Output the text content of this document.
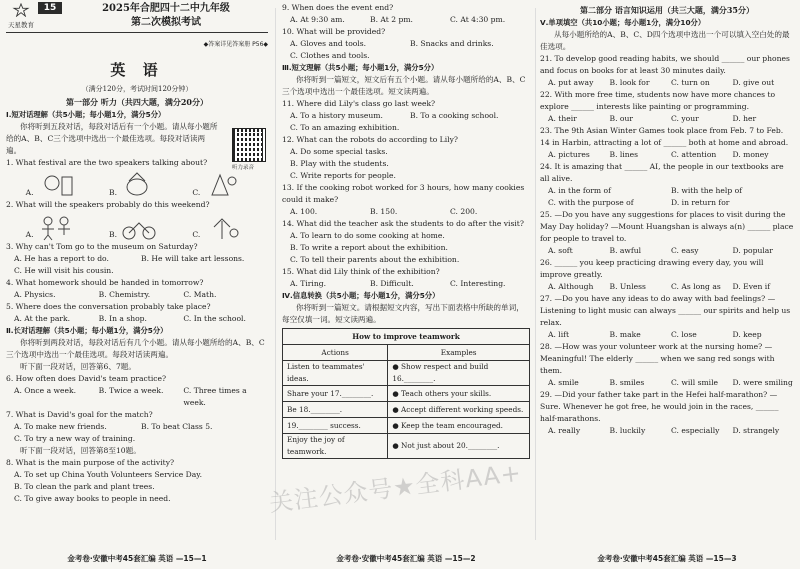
天星教育
15	2025年合肥四十二中九年级
第二次模拟考试
◆答案详见答案册 P56◆
英 语
（满分120分，考试时间120分钟）
第一部分 听力（共四大题，满分20分）
Ⅰ.短对话理解（共5小题；每小题1分，满分5分）
你将听到五段对话，每段对话后有一个小题。请从每小题所给的A、B、C三个选项中选出一个最佳选项。每段对话读两遍。
听力录音
1. What festival are the two speakers talking about?
A.	B.	C.
2. What will the speakers probably do this weekend?
A.	B.	C.
3. Why can't Tom go to the museum on Saturday?
A. He has a report to do.	B. He will take art lessons.
C. He will visit his cousin.
4. What homework should be handed in tomorrow?
A. Physics.	B. Chemistry.	C. Math.
5. Where does the conversation probably take place?
A. At the park.	B. In a shop.	C. In the school.
Ⅱ.长对话理解（共5小题；每小题1分，满分5分）
你将听到两段对话，每段对话后有几个小题。请从每小题所给的A、B、C三个选项中选出一个最佳选项。每段对话读两遍。
听下面一段对话，回答第6、7题。
6. How often does David's team practice?
A. Once a week.	B. Twice a week.	C. Three times a week.
7. What is David's goal for the match?
A. To make new friends.	B. To beat Class 5.
C. To try a new way of training.
听下面一段对话，回答第8至10题。
8. What is the main purpose of the activity?
A. To set up China Youth Volunteers Service Day.
B. To clean the park and plant trees.
C. To give away books to people in need.
金考卷·安徽中考45套汇编 英语 —15—1
9. When does the event end?
A. At 9:30 am.	B. At 2 pm.	C. At 4:30 pm.
10. What will be provided?
A. Gloves and tools.	B. Snacks and drinks.
C. Clothes and tools.
Ⅲ.短文理解（共5小题；每小题1分，满分5分）
你将听到一篇短文，短文后有五个小题。请从每小题所给的A、B、C三个选项中选出一个最佳选项。短文读两遍。
11. Where did Lily's class go last week?
A. To a history museum.	B. To a cooking school.
C. To an amazing exhibition.
12. What can the robots do according to Lily?
A. Do some special tasks.
B. Play with the students.
C. Write reports for people.
13. If the cooking robot worked for 3 hours, how many cookies could it make?
A. 100.	B. 150.	C. 200.
14. What did the teacher ask the students to do after the visit?
A. To learn to do some cooking at home.
B. To write a report about the exhibition.
C. To tell their parents about the exhibition.
15. What did Lily think of the exhibition?
A. Tiring.	B. Difficult.	C. Interesting.
Ⅳ.信息转换（共5小题；每小题1分，满分5分）
你将听到一篇短文。请根据短文内容，写出下面表格中所缺的单词，每空仅填一词。短文读两遍。
How to improve teamwork	
Actions	Examples
Listen to teammates' ideas.	● Show respect and build 16.________.
Share your 17.________.	● Teach others your skills.
Be 18.________.	● Accept different working speeds.
19.________ success.	● Keep the team encouraged.
Enjoy the joy of teamwork.	● Not just about 20.________.
金考卷·安徽中考45套汇编 英语 —15—2
第二部分 语言知识运用（共三大题，满分35分）
Ⅴ.单项填空（共10小题；每小题1分，满分10分）
从每小题所给的A、B、C、D四个选项中选出一个可以填入空白处的最佳选项。
21. To develop good reading habits, we should ______ our phones and focus on books for at least 30 minutes daily.
A. put away	B. look for	C. turn on	D. give out
22. With more free time, students now have more chances to explore ______ interests like painting or programming.
A. their	B. our	C. your	D. her
23. The 9th Asian Winter Games took place from Feb. 7 to Feb. 14 in Harbin, attracting a lot of ______ both at home and abroad.
A. pictures	B. lines	C. attention	D. money
24. It is amazing that ______ AI, the people in our textbooks are all alive.
A. in the form of	B. with the help of
C. with the purpose of	D. in return for
25. —Do you have any suggestions for places to visit during the May Day holiday? —Mount Huangshan is always a(n) ______ place for people to travel to.
A. soft	B. awful	C. easy	D. popular
26. ______ you keep practicing drawing every day, you will improve greatly.
A. Although	B. Unless	C. As long as	D. Even if
27. —Do you have any ideas to do away with bad feelings? —Listening to light music can always ______ our spirits and help us relax.
A. lift	B. make	C. lose	D. keep
28. —How was your volunteer work at the nursing home? —Meaningful! The elderly ______ when we sang red songs with them.
A. smile	B. smiles	C. will smile	D. were smiling
29. —Did your father take part in the Hefei half-marathon? —Sure. Whenever he got free, he would join in the races, ______ half-marathons.
A. really	B. luckily	C. especially	D. strangely
金考卷·安徽中考45套汇编 英语 —15—3
关注公众号★全科AA+
